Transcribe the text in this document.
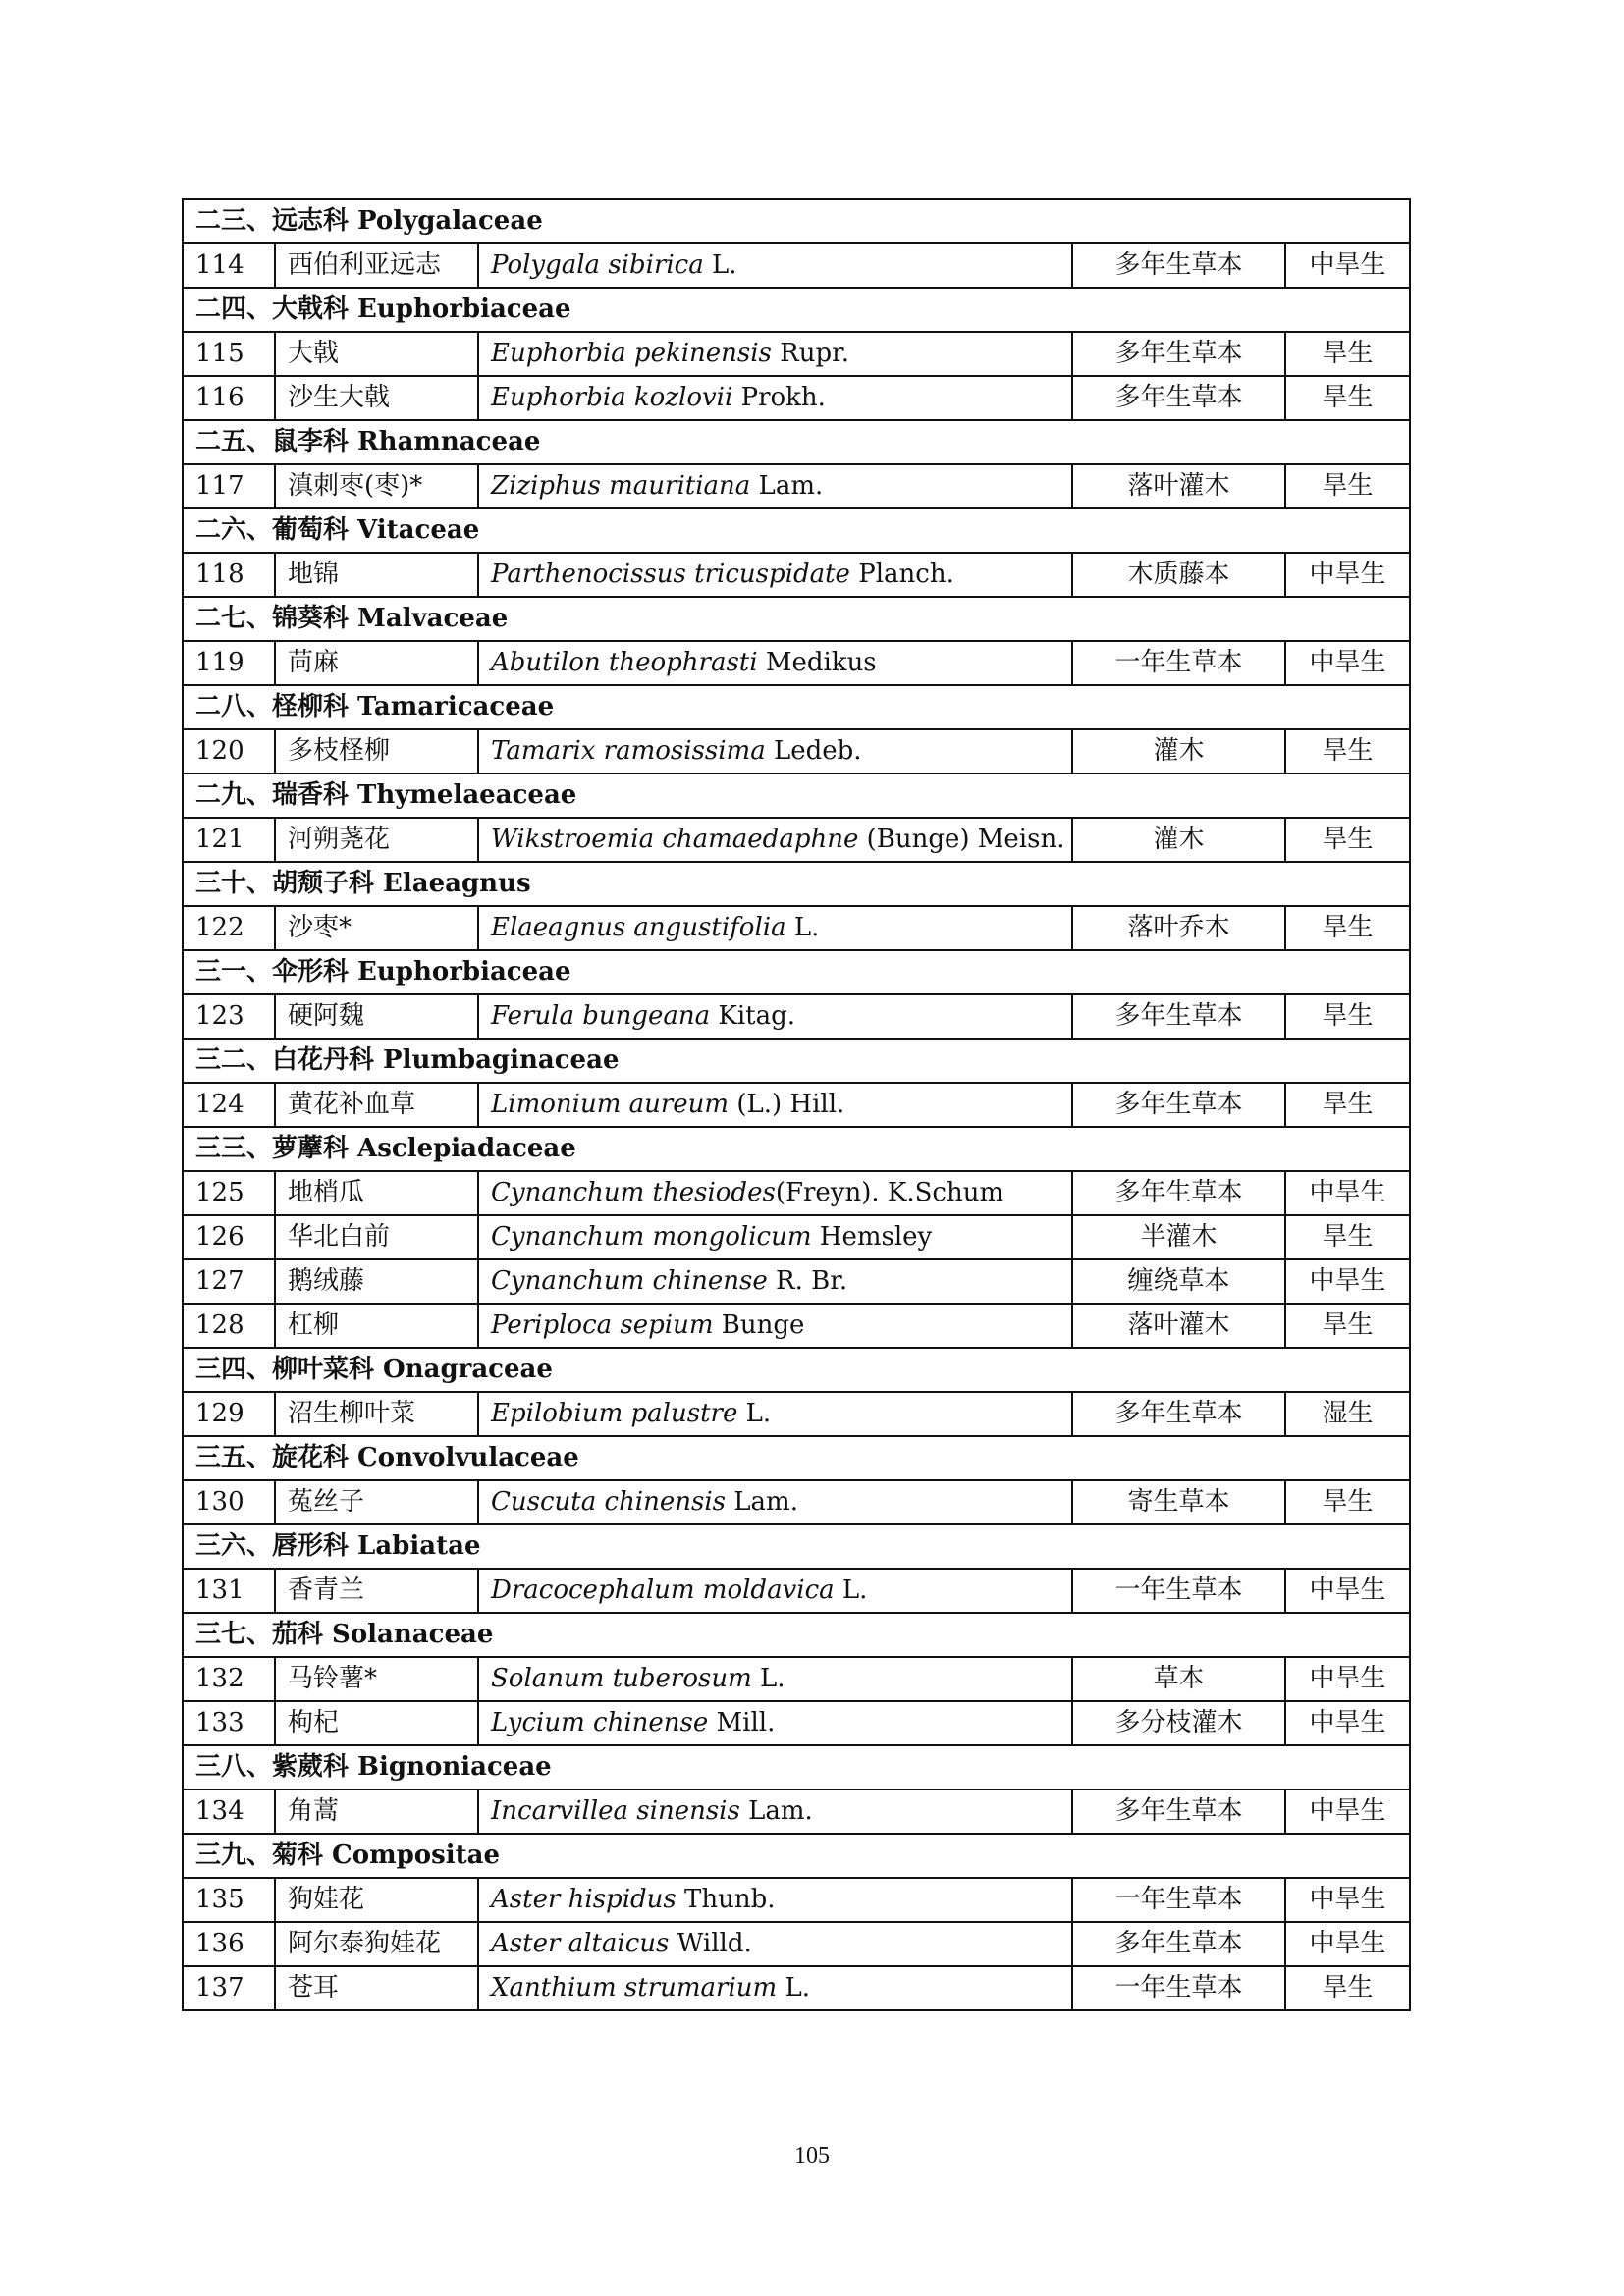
二三、远志科 Polygalaceae				
114	西伯利亚远志	Polygala sibirica L.	多年生草本	中旱生
二四、大戟科 Euphorbiaceae				
115	大戟	Euphorbia pekinensis Rupr.	多年生草本	旱生
116	沙生大戟	Euphorbia kozlovii Prokh.	多年生草本	旱生
二五、鼠李科 Rhamnaceae				
117	滇刺枣(枣)*	Ziziphus mauritiana Lam.	落叶灌木	旱生
二六、葡萄科 Vitaceae				
118	地锦	Parthenocissus tricuspidate Planch.	木质藤本	中旱生
二七、锦葵科 Malvaceae				
119	苘麻	Abutilon theophrasti Medikus	一年生草本	中旱生
二八、柽柳科 Tamaricaceae				
120	多枝柽柳	Tamarix ramosissima Ledeb.	灌木	旱生
二九、瑞香科 Thymelaeaceae				
121	河朔荛花	Wikstroemia chamaedaphne (Bunge) Meisn.	灌木	旱生
三十、胡颓子科 Elaeagnus				
122	沙枣*	Elaeagnus angustifolia L.	落叶乔木	旱生
三一、伞形科 Euphorbiaceae				
123	硬阿魏	Ferula bungeana Kitag.	多年生草本	旱生
三二、白花丹科 Plumbaginaceae				
124	黄花补血草	Limonium aureum (L.) Hill.	多年生草本	旱生
三三、萝藦科 Asclepiadaceae				
125	地梢瓜	Cynanchum thesiodes(Freyn). K.Schum	多年生草本	中旱生
126	华北白前	Cynanchum mongolicum Hemsley	半灌木	旱生
127	鹅绒藤	Cynanchum chinense R. Br.	缠绕草本	中旱生
128	杠柳	Periploca sepium Bunge	落叶灌木	旱生
三四、柳叶菜科 Onagraceae				
129	沼生柳叶菜	Epilobium palustre L.	多年生草本	湿生
三五、旋花科 Convolvulaceae				
130	菟丝子	Cuscuta chinensis Lam.	寄生草本	旱生
三六、唇形科 Labiatae				
131	香青兰	Dracocephalum moldavica L.	一年生草本	中旱生
三七、茄科 Solanaceae				
132	马铃薯*	Solanum tuberosum L.	草本	中旱生
133	枸杞	Lycium chinense Mill.	多分枝灌木	中旱生
三八、紫葳科 Bignoniaceae				
134	角蒿	Incarvillea sinensis Lam.	多年生草本	中旱生
三九、菊科 Compositae				
135	狗娃花	Aster hispidus Thunb.	一年生草本	中旱生
136	阿尔泰狗娃花	Aster altaicus Willd.	多年生草本	中旱生
137	苍耳	Xanthium strumarium L.	一年生草本	旱生
105
